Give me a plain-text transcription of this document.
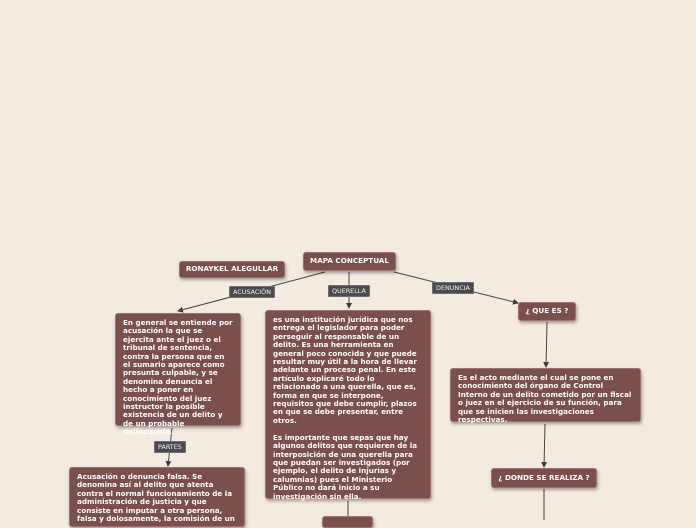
MAPA CONCEPTUAL
RONAYKEL ALEGULLAR
ACUSACIÓN	QUERELLA	DENUNCIA
PARTES
En general se entiende por acusación la que se ejercita ante el juez o el tribunal de sentencia, contra la persona que en el sumario aparece como presunta culpable, y se denomina denuncia el hecho a poner en conocimiento del juez instructor la posible existencia de un delito y de un probable delincuente.
es una institución jurídica que nos entrega el legislador para poder perseguir al responsable de un delito. Es una herramienta en general poco conocida y que puede resultar muy útil a la hora de llevar adelante un proceso penal. En este artículo explicaré todo lo relacionado a una querella, que es, forma en que se interpone, requisitos que debe cumplir, plazos en que se debe presentar, entre otros.

Es importante que sepas que hay algunos delitos que requieren de la interposición de una querella para que puedan ser investigados (por ejemplo, el delito de injurias y calumnias) pues el Ministerio Público no dará inicio a su investigación sin ella.
Acusación o denuncia falsa. Se denomina así al delito que atenta contra el normal funcionamiento de la administración de justicia y que consiste en imputar a otra persona, falsa y dolosamente, la comisión de un
¿ QUE ES ?
Es el acto mediante el cual se pone en conocimiento del órgano de Control Interno de un delito cometido por un fiscal o juez en el ejercicio de su función, para que se inicien las investigaciones respectivas.
¿ DONDE SE REALIZA ?
